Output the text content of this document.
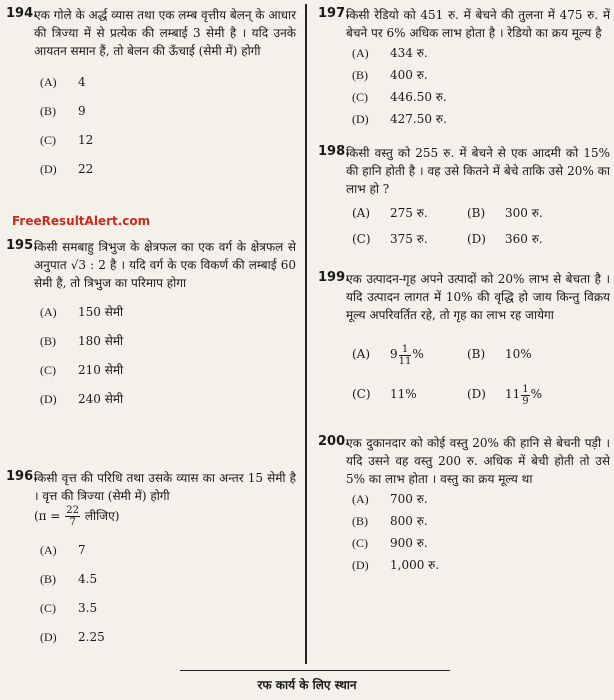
194.
एक गोले के अर्द्ध व्यास तथा एक लम्ब वृत्तीय बेलन् के आधार की त्रिज्या में से प्रत्येक की लम्बाई 3 सेमी है । यदि उनके आयतन समान हैं, तो बेलन की ऊँचाई (सेमी में) होगी
(A)	4
(B)	9
(C)	12
(D)	22
FreeResultAlert.com
195.
किसी समबाहु त्रिभुज के क्षेत्रफल का एक वर्ग के क्षेत्रफल से अनुपात √3 : 2 है । यदि वर्ग के एक विकर्ण की लम्बाई 60 सेमी है, तो त्रिभुज का परिमाप होगा
(A)	150 सेमी
(B)	180 सेमी
(C)	210 सेमी
(D)	240 सेमी
196.
किसी वृत्त की परिधि तथा उसके व्यास का अन्तर 15 सेमी है । वृत्त की त्रिज्या (सेमी में) होगी
($\pi = \frac{22}{7}$ लीजिए)
(A)	7
(B)	4.5
(C)	3.5
(D)	2.25
197.
किसी रेडियो को 451 रु. में बेचने की तुलना में 475 रु. में बेचने पर 6% अधिक लाभ होता है । रेडियो का क्रय मूल्य है
(A)	434 रु.
(B)	400 रु.
(C)	446.50 रु.
(D)	427.50 रु.
198.
किसी वस्तु को 255 रु. में बेचने से एक आदमी को 15% की हानि होती है । वह उसे कितने में बेचे ताकि उसे 20% का लाभ हो ?
(A)	275 रु.	(B)	300 रु.
(C)	375 रु.	(D)	360 रु.
199.
एक उत्पादन-गृह अपने उत्पादों को 20% लाभ से बेचता है । यदि उत्पादन लागत में 10% की वृद्धि हो जाय किन्तु विक्रय मूल्य अपरिवर्तित रहे, तो गृह का लाभ रह जायेगा
(A)	$9 \frac{1}{11}$ %	(B)	10%
(C)	11%	(D)	$11 \frac{1}{9}$ %
200.
एक दुकानदार को कोई वस्तु 20% की हानि से बेचनी पड़ी । यदि उसने वह वस्तु 200 रु. अधिक में बेची होती तो उसे 5% का लाभ होता । वस्तु का क्रय मूल्य था
(A)	700 रु.
(B)	800 रु.
(C)	900 रु.
(D)	1,000 रु.
रफ कार्य के लिए स्थान
